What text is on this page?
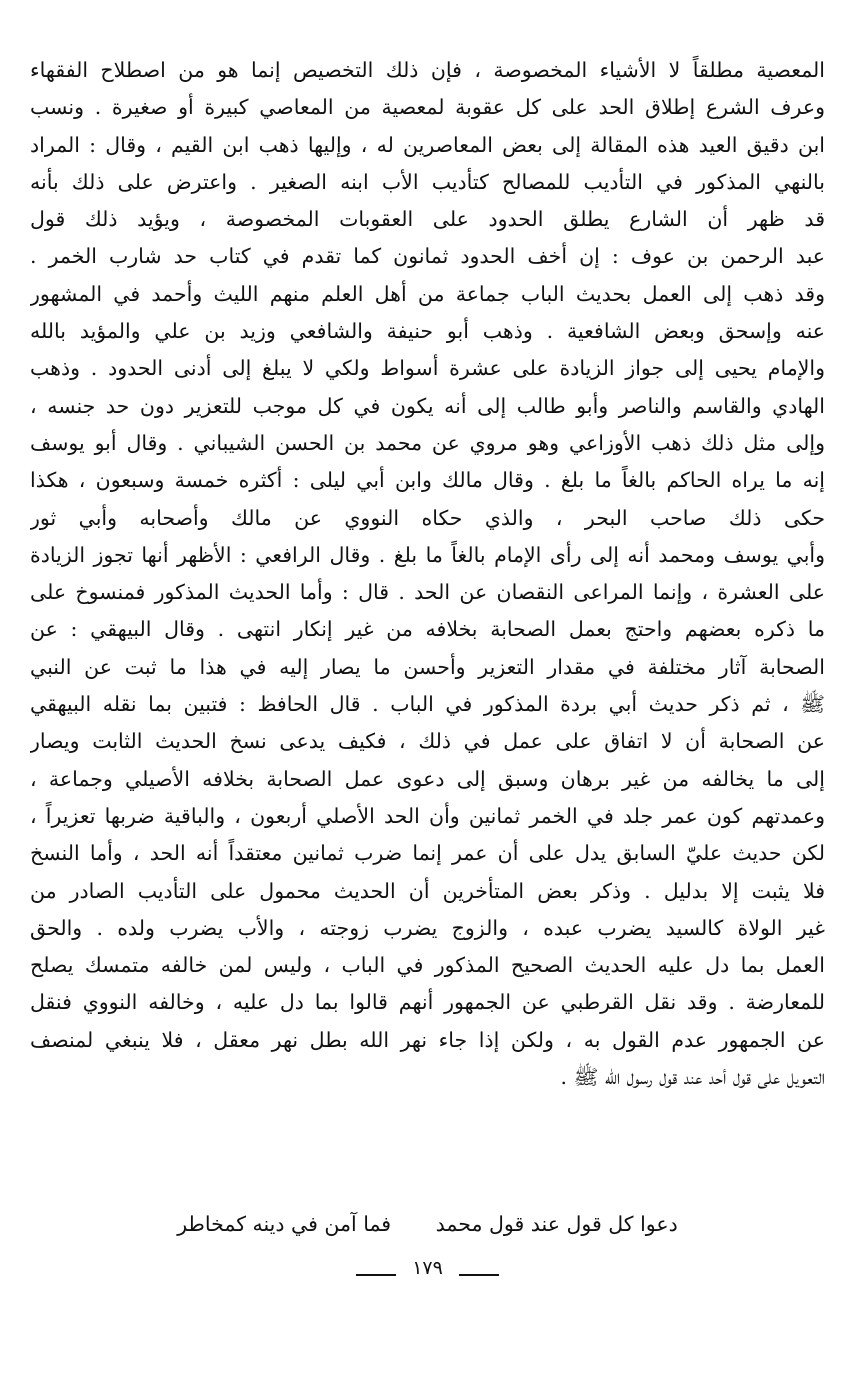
المعصية مطلقاً لا الأشياء المخصوصة ، فإن ذلك التخصيص إنما هو من اصطلاح الفقهاء
وعرف الشرع إطلاق الحد على كل عقوبة لمعصية من المعاصي كبيرة أو صغيرة . ونسب
ابن دقيق العيد هذه المقالة إلى بعض المعاصرين له ، وإليها ذهب ابن القيم ، وقال : المراد
بالنهي المذكور في التأديب للمصالح كتأديب الأب ابنه الصغير . واعترض على ذلك بأنه
قد ظهر أن الشارع يطلق الحدود على العقوبات المخصوصة ، ويؤيد ذلك قول
عبد الرحمن بن عوف : إن أخف الحدود ثمانون كما تقدم في كتاب حد شارب الخمر .
وقد ذهب إلى العمل بحديث الباب جماعة من أهل العلم منهم الليث وأحمد في المشهور
عنه وإسحق وبعض الشافعية . وذهب أبو حنيفة والشافعي وزيد بن علي والمؤيد بالله
والإمام يحيى إلى جواز الزيادة على عشرة أسواط ولكي لا يبلغ إلى أدنى الحدود . وذهب
الهادي والقاسم والناصر وأبو طالب إلى أنه يكون في كل موجب للتعزير دون حد جنسه ،
وإلى مثل ذلك ذهب الأوزاعي وهو مروي عن محمد بن الحسن الشيباني . وقال أبو يوسف
إنه ما يراه الحاكم بالغاً ما بلغ . وقال مالك وابن أبي ليلى : أكثره خمسة وسبعون ، هكذا
حكى ذلك صاحب البحر ، والذي حكاه النووي عن مالك وأصحابه وأبي ثور
وأبي يوسف ومحمد أنه إلى رأى الإمام بالغاً ما بلغ . وقال الرافعي : الأظهر أنها تجوز الزيادة
على العشرة ، وإنما المراعى النقصان عن الحد . قال : وأما الحديث المذكور فمنسوخ على
ما ذكره بعضهم واحتج بعمل الصحابة بخلافه من غير إنكار انتهى . وقال البيهقي : عن
الصحابة آثار مختلفة في مقدار التعزير وأحسن ما يصار إليه في هذا ما ثبت عن النبي
ﷺ ، ثم ذكر حديث أبي بردة المذكور في الباب . قال الحافظ : فتبين بما نقله البيهقي
عن الصحابة أن لا اتفاق على عمل في ذلك ، فكيف يدعى نسخ الحديث الثابت ويصار
إلى ما يخالفه من غير برهان وسبق إلى دعوى عمل الصحابة بخلافه الأصيلي وجماعة ،
وعمدتهم كون عمر جلد في الخمر ثمانين وأن الحد الأصلي أربعون ، والباقية ضربها تعزيراً ،
لكن حديث عليّ السابق يدل على أن عمر إنما ضرب ثمانين معتقداً أنه الحد ، وأما النسخ
فلا يثبت إلا بدليل . وذكر بعض المتأخرين أن الحديث محمول على التأديب الصادر من
غير الولاة كالسيد يضرب عبده ، والزوج يضرب زوجته ، والأب يضرب ولده . والحق
العمل بما دل عليه الحديث الصحيح المذكور في الباب ، وليس لمن خالفه متمسك يصلح
للمعارضة . وقد نقل القرطبي عن الجمهور أنهم قالوا بما دل عليه ، وخالفه النووي فنقل
عن الجمهور عدم القول به ، ولكن إذا جاء نهر الله بطل نهر معقل ، فلا ينبغي لمنصف
التعويل على قول أحد عند قول رسول الله ﷺ .
دعوا كل قول عند قول محمد فما آمن في دينه كمخاطر
١٧٩
